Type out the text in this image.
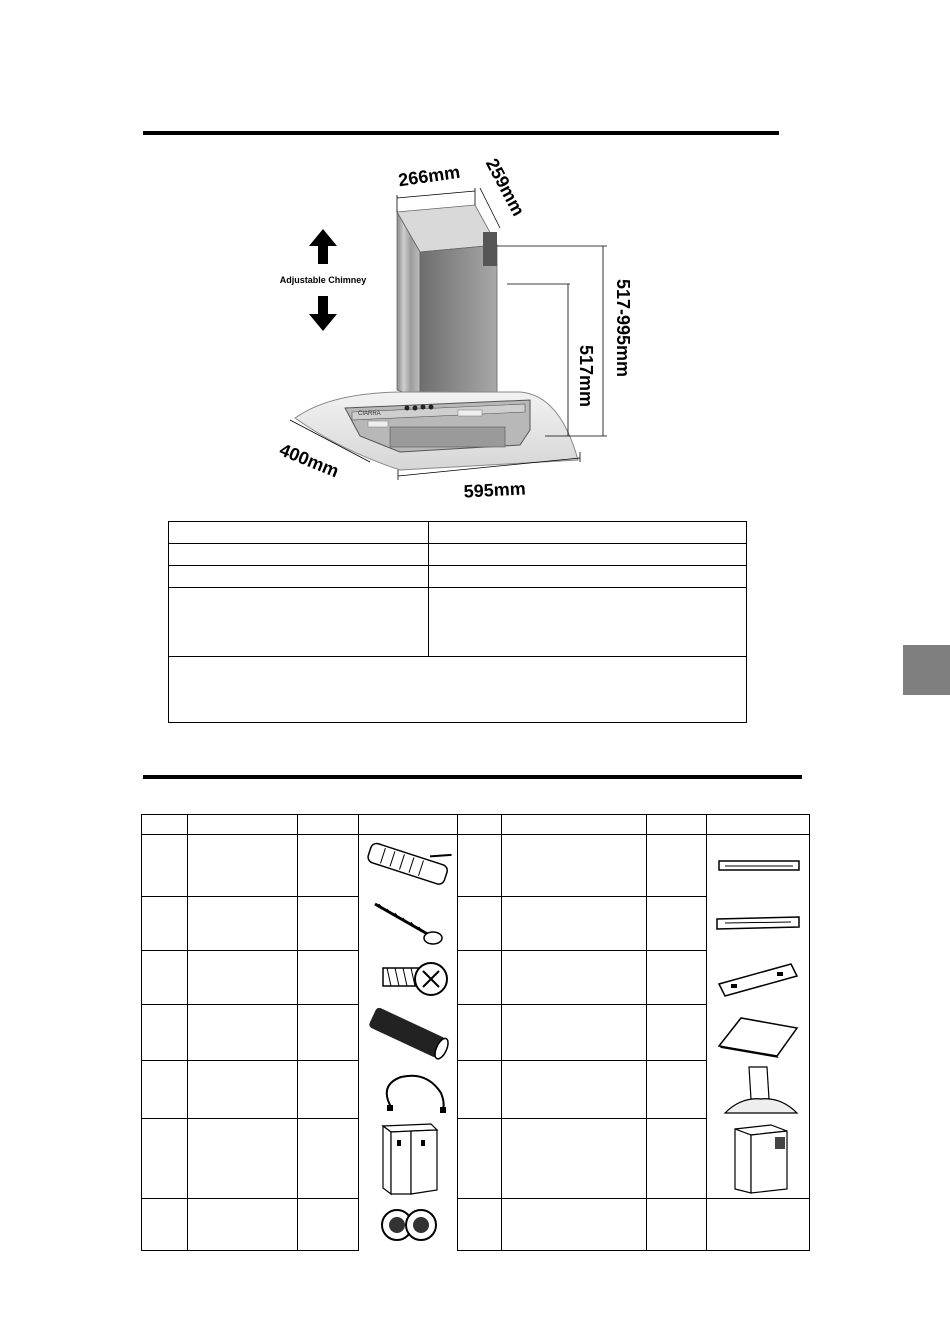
CIARRA
Adjustable Chimney
266mm 259mm
517-995mm
517mm
400mm
595mm
